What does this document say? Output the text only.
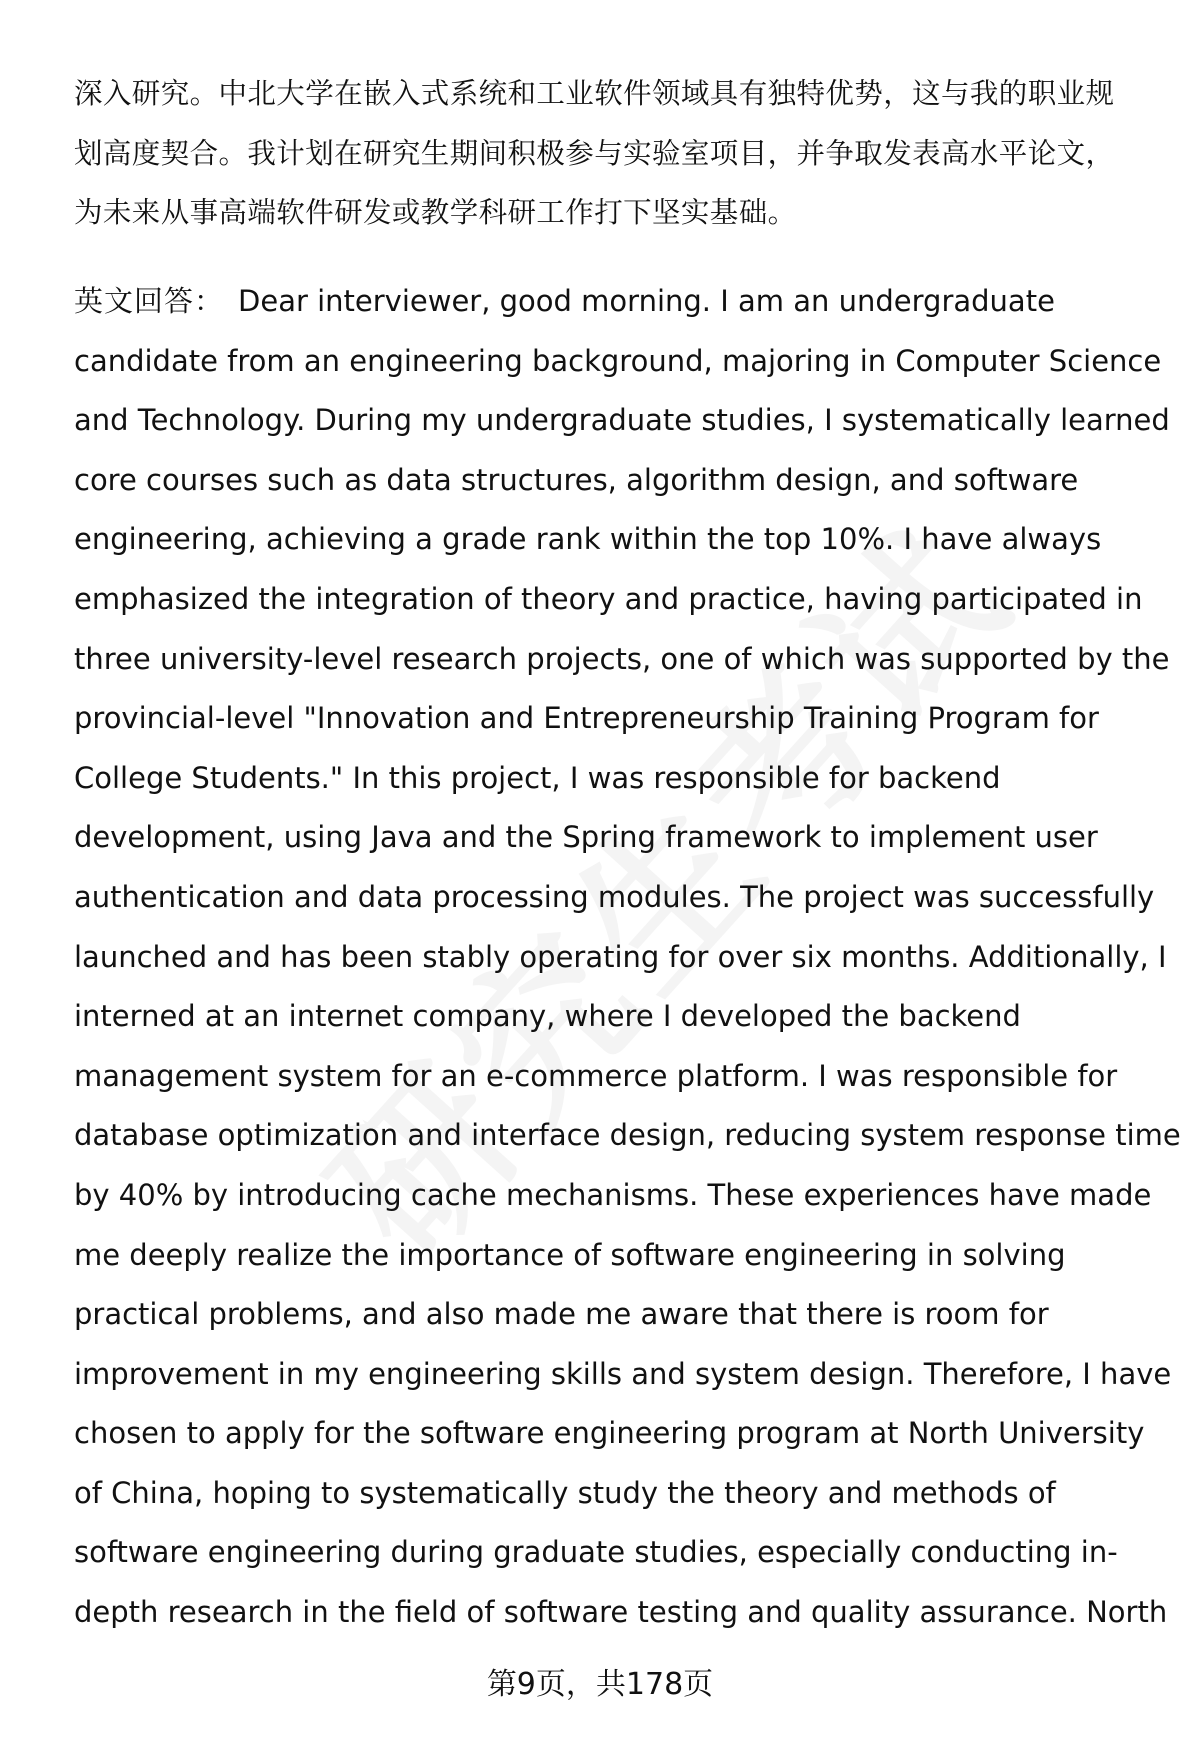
深入研究。中北大学在嵌入式系统和工业软件领域具有独特优势，这与我的职业规
划高度契合。我计划在研究生期间积极参与实验室项目，并争取发表高水平论文，
为未来从事高端软件研发或教学科研工作打下坚实基础。
英文回答： Dear interviewer, good morning. I am an undergraduate
candidate from an engineering background, majoring in Computer Science
and Technology. During my undergraduate studies, I systematically learned
core courses such as data structures, algorithm design, and software
engineering, achieving a grade rank within the top 10%. I have always
emphasized the integration of theory and practice, having participated in
three university-level research projects, one of which was supported by the
provincial-level "Innovation and Entrepreneurship Training Program for
College Students." In this project, I was responsible for backend
development, using Java and the Spring framework to implement user
authentication and data processing modules. The project was successfully
launched and has been stably operating for over six months. Additionally, I
interned at an internet company, where I developed the backend
management system for an e-commerce platform. I was responsible for
database optimization and interface design, reducing system response time
by 40% by introducing cache mechanisms. These experiences have made
me deeply realize the importance of software engineering in solving
practical problems, and also made me aware that there is room for
improvement in my engineering skills and system design. Therefore, I have
chosen to apply for the software engineering program at North University
of China, hoping to systematically study the theory and methods of
software engineering during graduate studies, especially conducting in-
depth research in the field of software testing and quality assurance. North
第9页，共178页
